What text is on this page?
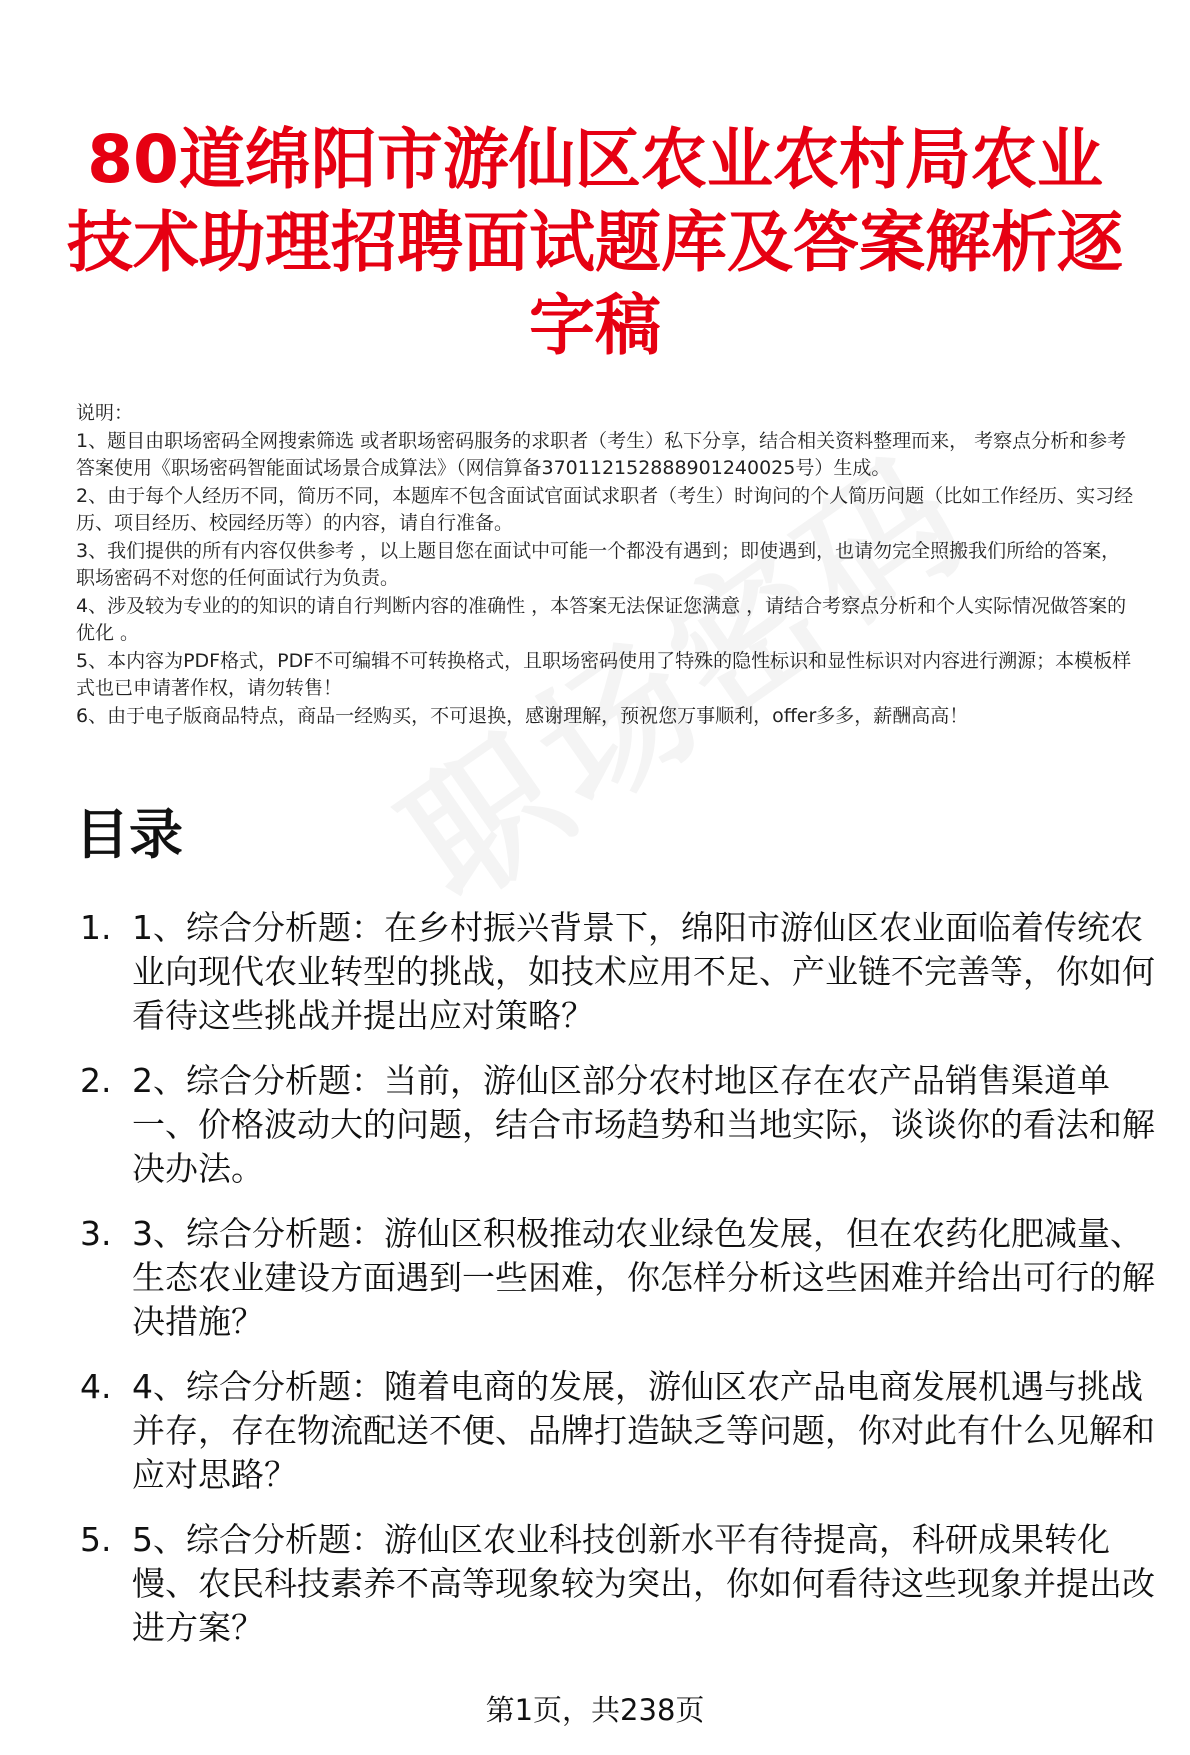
80道绵阳市游仙区农业农村局农业技术助理招聘面试题库及答案解析逐字稿
说明：
1、题目由职场密码全网搜索筛选 或者职场密码服务的求职者（考生）私下分享，结合相关资料整理而来， 考察点分析和参考答案使用《职场密码智能面试场景合成算法》（网信算备370112152888901240025号）生成。
2、由于每个人经历不同，简历不同，本题库不包含面试官面试求职者（考生）时询问的个人简历问题（比如工作经历、实习经历、项目经历、校园经历等）的内容，请自行准备。
3、我们提供的所有内容仅供参考 ，以上题目您在面试中可能一个都没有遇到；即使遇到，也请勿完全照搬我们所给的答案，职场密码不对您的任何面试行为负责。
4、涉及较为专业的的知识的请自行判断内容的准确性 ，本答案无法保证您满意 ，请结合考察点分析和个人实际情况做答案的优化 。
5、本内容为PDF格式，PDF不可编辑不可转换格式，且职场密码使用了特殊的隐性标识和显性标识对内容进行溯源；本模板样式也已申请著作权，请勿转售！
6、由于电子版商品特点，商品一经购买，不可退换，感谢理解，预祝您万事顺利，offer多多，薪酬高高！
目录
1. 1、综合分析题：在乡村振兴背景下，绵阳市游仙区农业面临着传统农业向现代农业转型的挑战，如技术应用不足、产业链不完善等，你如何看待这些挑战并提出应对策略？
2. 2、综合分析题：当前，游仙区部分农村地区存在农产品销售渠道单一、价格波动大的问题，结合市场趋势和当地实际，谈谈你的看法和解决办法。
3. 3、综合分析题：游仙区积极推动农业绿色发展，但在农药化肥减量、生态农业建设方面遇到一些困难，你怎样分析这些困难并给出可行的解决措施？
4. 4、综合分析题：随着电商的发展，游仙区农产品电商发展机遇与挑战并存，存在物流配送不便、品牌打造缺乏等问题，你对此有什么见解和应对思路？
5. 5、综合分析题：游仙区农业科技创新水平有待提高，科研成果转化慢、农民科技素养不高等现象较为突出，你如何看待这些现象并提出改进方案？
第1页，共238页
